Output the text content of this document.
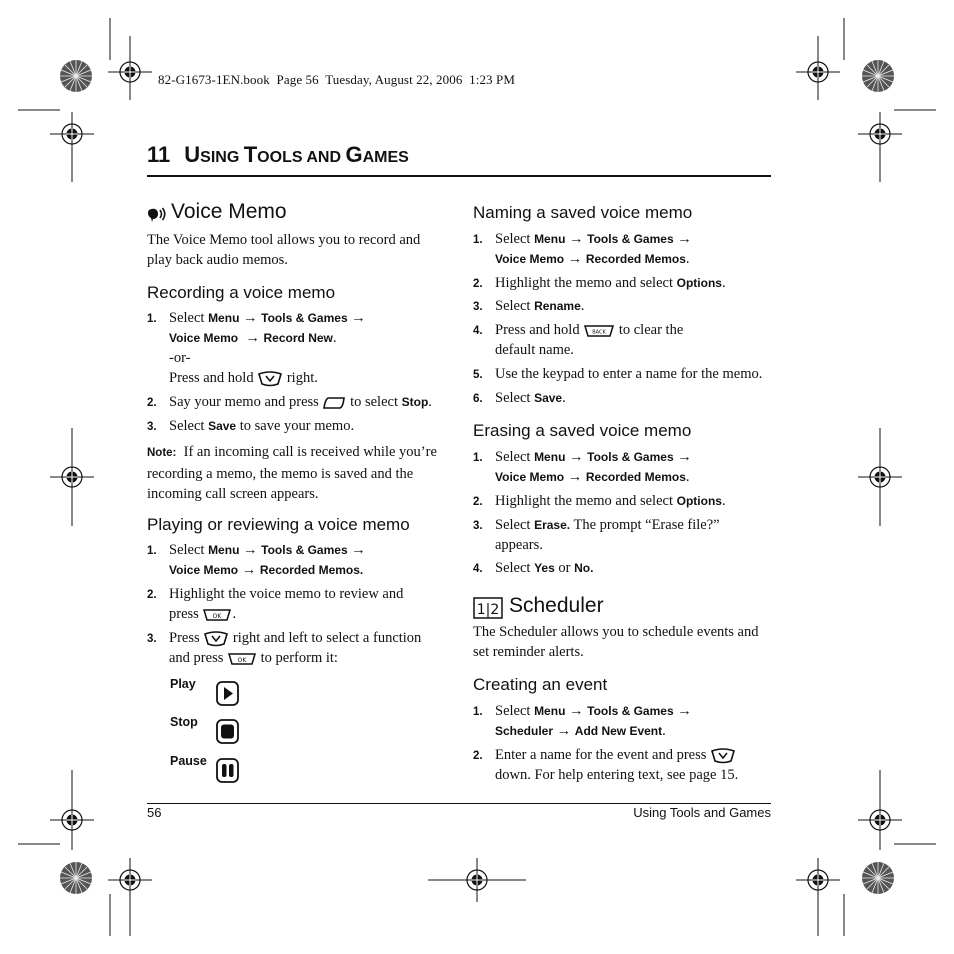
82-G1673-1EN.book  Page 56  Tuesday, August 22, 2006  1:23 PM
11 USING TOOLS AND GAMES
Voice Memo

The Voice Memo tool allows you to record and

play back audio memos.

Recording a voice memo
1. Select Menu → Tools & Games →
Voice Memo  → Record New.
-or-
Press and hold  right.
2. Say your memo and press  to select Stop.
3. Select Save to save your memo.
Note: If an incoming call is received while you’re
recording a memo, the memo is saved and the
incoming call screen appears.
Playing or reviewing a voice memo
1. Select Menu → Tools & Games →
Voice Memo → Recorded Memos.
2. Highlight the voice memo to review and
press OK .
3. Press  right and left to select a function
and press OK to perform it:
Play
Stop
Pause
Naming a saved voice memo
1. Select Menu → Tools & Games →
Voice Memo → Recorded Memos.
2. Highlight the memo and select Options.
3. Select Rename.
4. Press and hold BACK to clear the
default name.
5. Use the keypad to enter a name for the memo.
6. Select Save.
Erasing a saved voice memo
1. Select Menu → Tools & Games →
Voice Memo → Recorded Memos.
2. Highlight the memo and select Options.
3. Select Erase. The prompt “Erase file?”
appears.
4. Select Yes or No.
1|2 Scheduler

The Scheduler allows you to schedule events and

set reminder alerts.

Creating an event
1. Select Menu → Tools & Games →
Scheduler → Add New Event.
2. Enter a name for the event and press
down. For help entering text, see page 15.
56	Using Tools and Games
